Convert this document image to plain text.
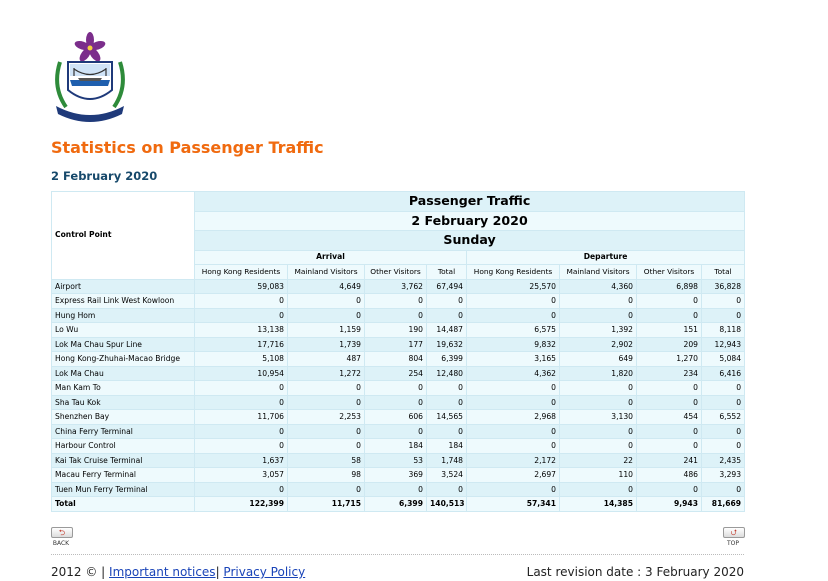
Statistics on Passenger Traffic
2 February 2020
Control Point	Passenger Traffic							
	2 February 2020							
	Sunday							
	Arrival				Departure			
	Hong Kong Residents	Mainland Visitors	Other Visitors	Total	Hong Kong Residents	Mainland Visitors	Other Visitors	Total
Airport	59,083	4,649	3,762	67,494	25,570	4,360	6,898	36,828
Express Rail Link West Kowloon	0	0	0	0	0	0	0	0
Hung Hom	0	0	0	0	0	0	0	0
Lo Wu	13,138	1,159	190	14,487	6,575	1,392	151	8,118
Lok Ma Chau Spur Line	17,716	1,739	177	19,632	9,832	2,902	209	12,943
Hong Kong-Zhuhai-Macao Bridge	5,108	487	804	6,399	3,165	649	1,270	5,084
Lok Ma Chau	10,954	1,272	254	12,480	4,362	1,820	234	6,416
Man Kam To	0	0	0	0	0	0	0	0
Sha Tau Kok	0	0	0	0	0	0	0	0
Shenzhen Bay	11,706	2,253	606	14,565	2,968	3,130	454	6,552
China Ferry Terminal	0	0	0	0	0	0	0	0
Harbour Control	0	0	184	184	0	0	0	0
Kai Tak Cruise Terminal	1,637	58	53	1,748	2,172	22	241	2,435
Macau Ferry Terminal	3,057	98	369	3,524	2,697	110	486	3,293
Tuen Mun Ferry Terminal	0	0	0	0	0	0	0	0
Total	122,399	11,715	6,399	140,513	57,341	14,385	9,943	81,669
⮌
BACK
⮍
TOP
2012 © | Important notices| Privacy Policy	Last revision date : 3 February 2020
